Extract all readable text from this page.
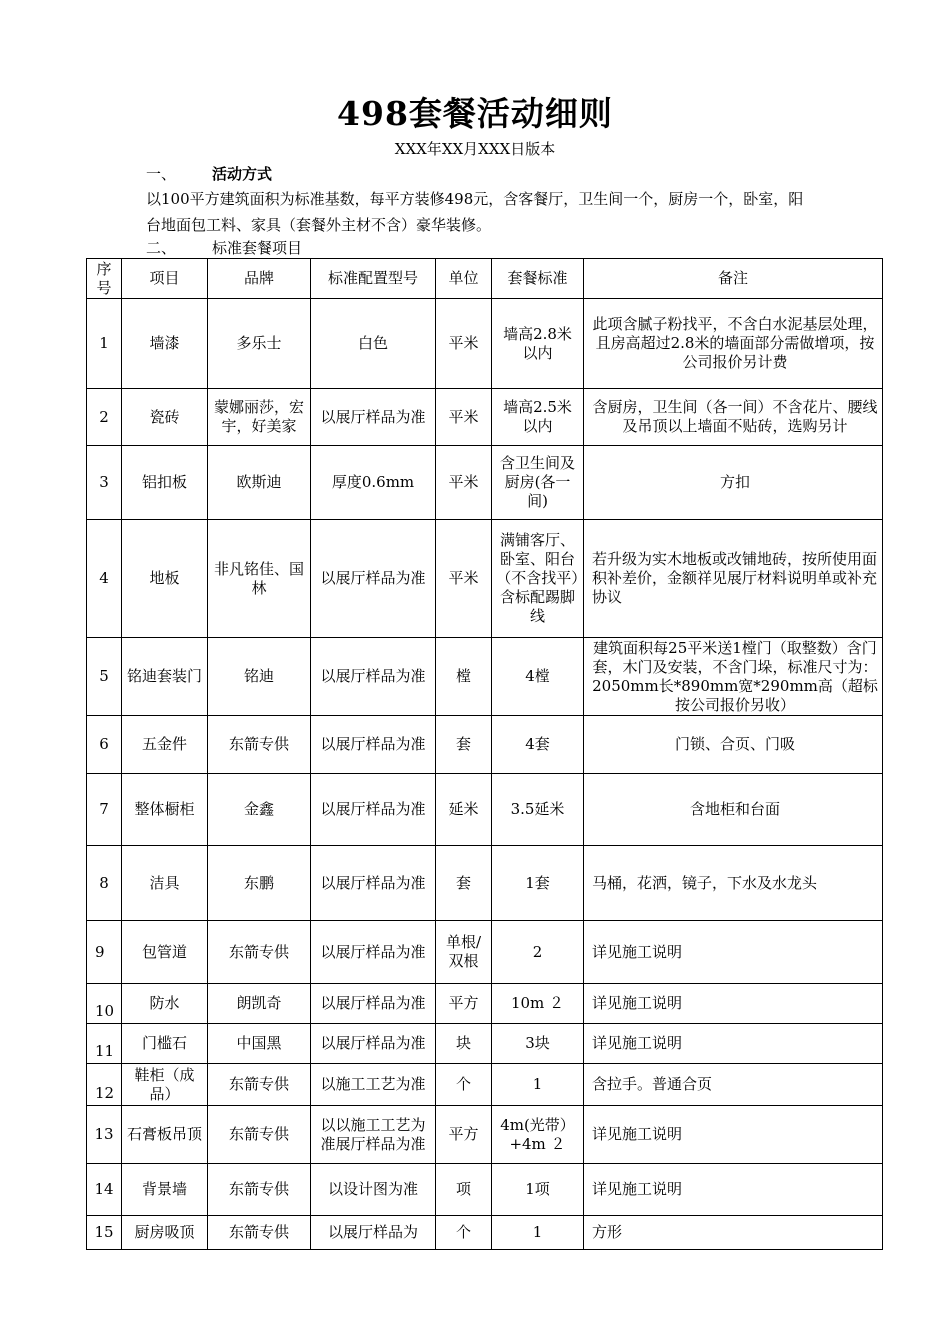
498套餐活动细则
XXX年XX月XXX日版本
一、 活动方式
以100平方建筑面积为标准基数，每平方装修498元，含客餐厅，卫生间一个，厨房一个，卧室，阳台地面包工料、家具（套餐外主材不含）豪华装修。
二、 标准套餐项目
序号	项目	品牌	标准配置型号	单位	套餐标准	备注
1	墙漆	多乐士	白色	平米	墙高2.8米以内	此项含腻子粉找平，不含白水泥基层处理，且房高超过2.8米的墙面部分需做增项，按公司报价另计费
2	瓷砖	蒙娜丽莎，宏宇，好美家	以展厅样品为准	平米	墙高2.5米以内	含厨房，卫生间（各一间）不含花片、腰线及吊顶以上墙面不贴砖，选购另计
3	铝扣板	欧斯迪	厚度0.6mm	平米	含卫生间及厨房(各一间)	方扣
4	地板	非凡铭佳、国林	以展厅样品为准	平米	满铺客厅、卧室、阳台（不含找平）含标配踢脚线	若升级为实木地板或改铺地砖，按所使用面积补差价，金额祥见展厅材料说明单或补充协议
5	铭迪套装门	铭迪	以展厅样品为准	樘	4樘	建筑面积每25平米送1樘门（取整数）含门套，木门及安装，不含门垛，标准尺寸为：2050mm长*890mm宽*290mm高（超标按公司报价另收）
6	五金件	东箭专供	以展厅样品为准	套	4套	门锁、合页、门吸
7	整体橱柜	金鑫	以展厅样品为准	延米	3.5延米	含地柜和台面
8	洁具	东鹏	以展厅样品为准	套	1套	马桶，花洒，镜子，下水及水龙头
9	包管道	东箭专供	以展厅样品为准	单根/双根	2	详见施工说明
10	防水	朗凯奇	以展厅样品为准	平方	10m ２	详见施工说明
11	门槛石	中国黑	以展厅样品为准	块	3块	详见施工说明
12	鞋柜（成品）	东箭专供	以施工工艺为准	个	1	含拉手。普通合页
13	石膏板吊顶	东箭专供	以以施工工艺为准展厅样品为准	平方	4m(光带）+4m ２	详见施工说明
14	背景墙	东箭专供	以设计图为准	项	1项	详见施工说明
15	厨房吸顶	东箭专供	以展厅样品为	个	1	方形
